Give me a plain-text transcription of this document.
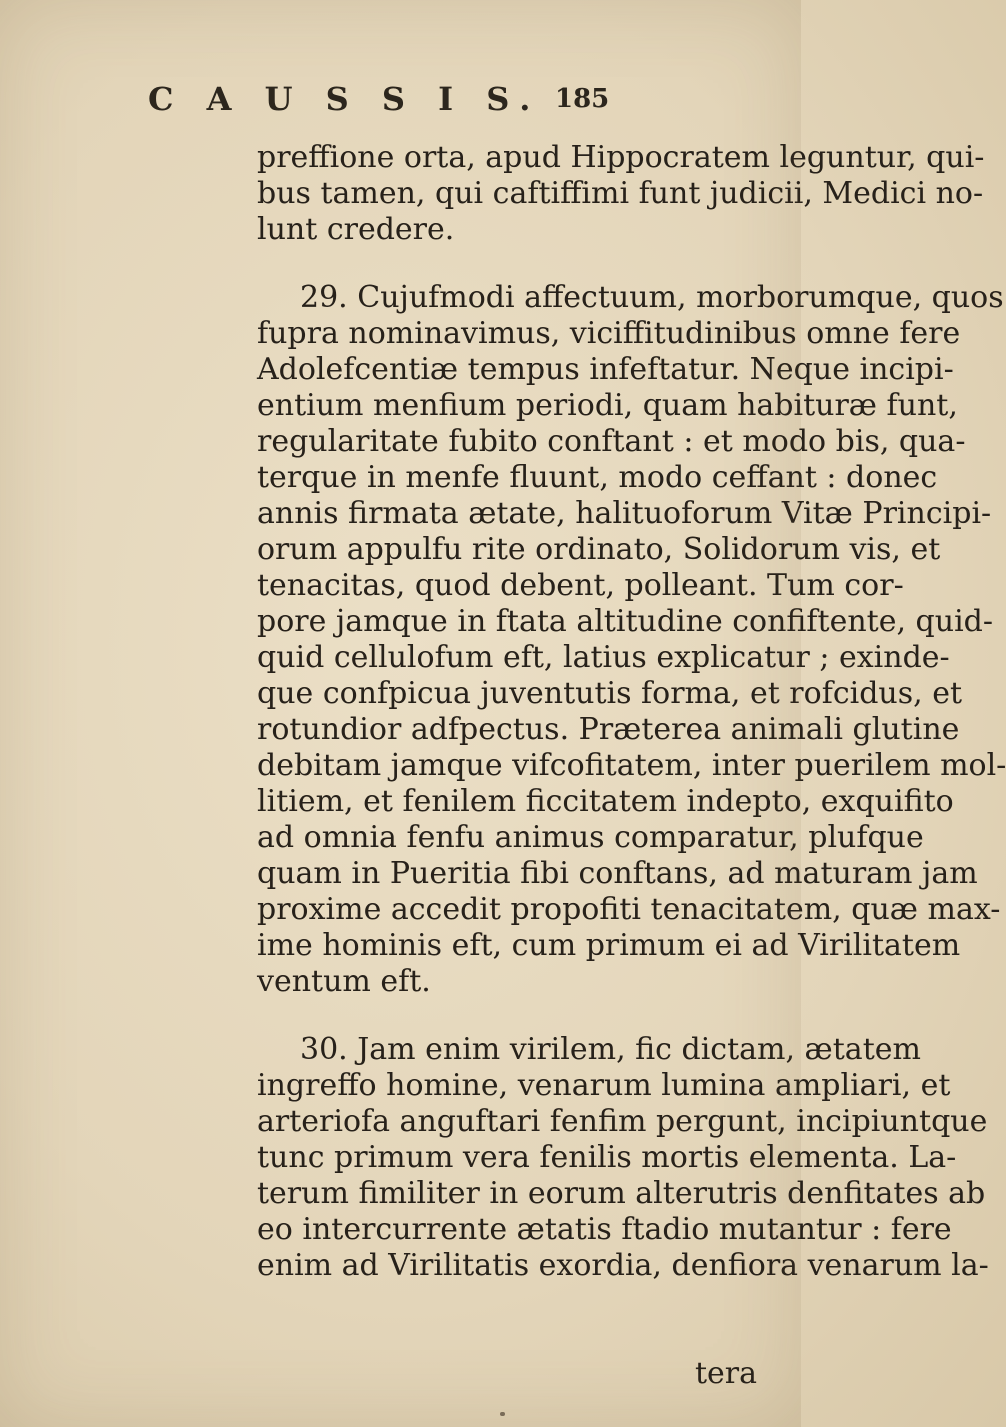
C A U S S I S. 185
preffione orta, apud Hippocratem leguntur, qui-
bus tamen, qui caftiffimi funt judicii, Medici no-
lunt credere.
29. Cujufmodi affectuum, morborumque, quos
fupra nominavimus, viciffitudinibus omne fere
Adolefcentiæ tempus infeftatur. Neque incipi-
entium menfium periodi, quam habituræ funt,
regularitate fubito conftant : et modo bis, qua-
terque in menfe fluunt, modo ceffant : donec
annis firmata ætate, halituoforum Vitæ Principi-
orum appulfu rite ordinato, Solidorum vis, et
tenacitas, quod debent, polleant. Tum cor-
pore jamque in ftata altitudine confiftente, quid-
quid cellulofum eft, latius explicatur ; exinde-
que confpicua juventutis forma, et rofcidus, et
rotundior adfpectus. Præterea animali glutine
debitam jamque vifcofitatem, inter puerilem mol-
litiem, et fenilem ficcitatem indepto, exquifito
ad omnia fenfu animus comparatur, plufque
quam in Pueritia fibi conftans, ad maturam jam
proxime accedit propofiti tenacitatem, quæ max-
ime hominis eft, cum primum ei ad Virilitatem
ventum eft.
30. Jam enim virilem, fic dictam, ætatem
ingreffo homine, venarum lumina ampliari, et
arteriofa anguftari fenfim pergunt, incipiuntque
tunc primum vera fenilis mortis elementa. La-
terum fimiliter in eorum alterutris denfitates ab
eo intercurrente ætatis ftadio mutantur : fere
enim ad Virilitatis exordia, denfiora venarum la-
tera
